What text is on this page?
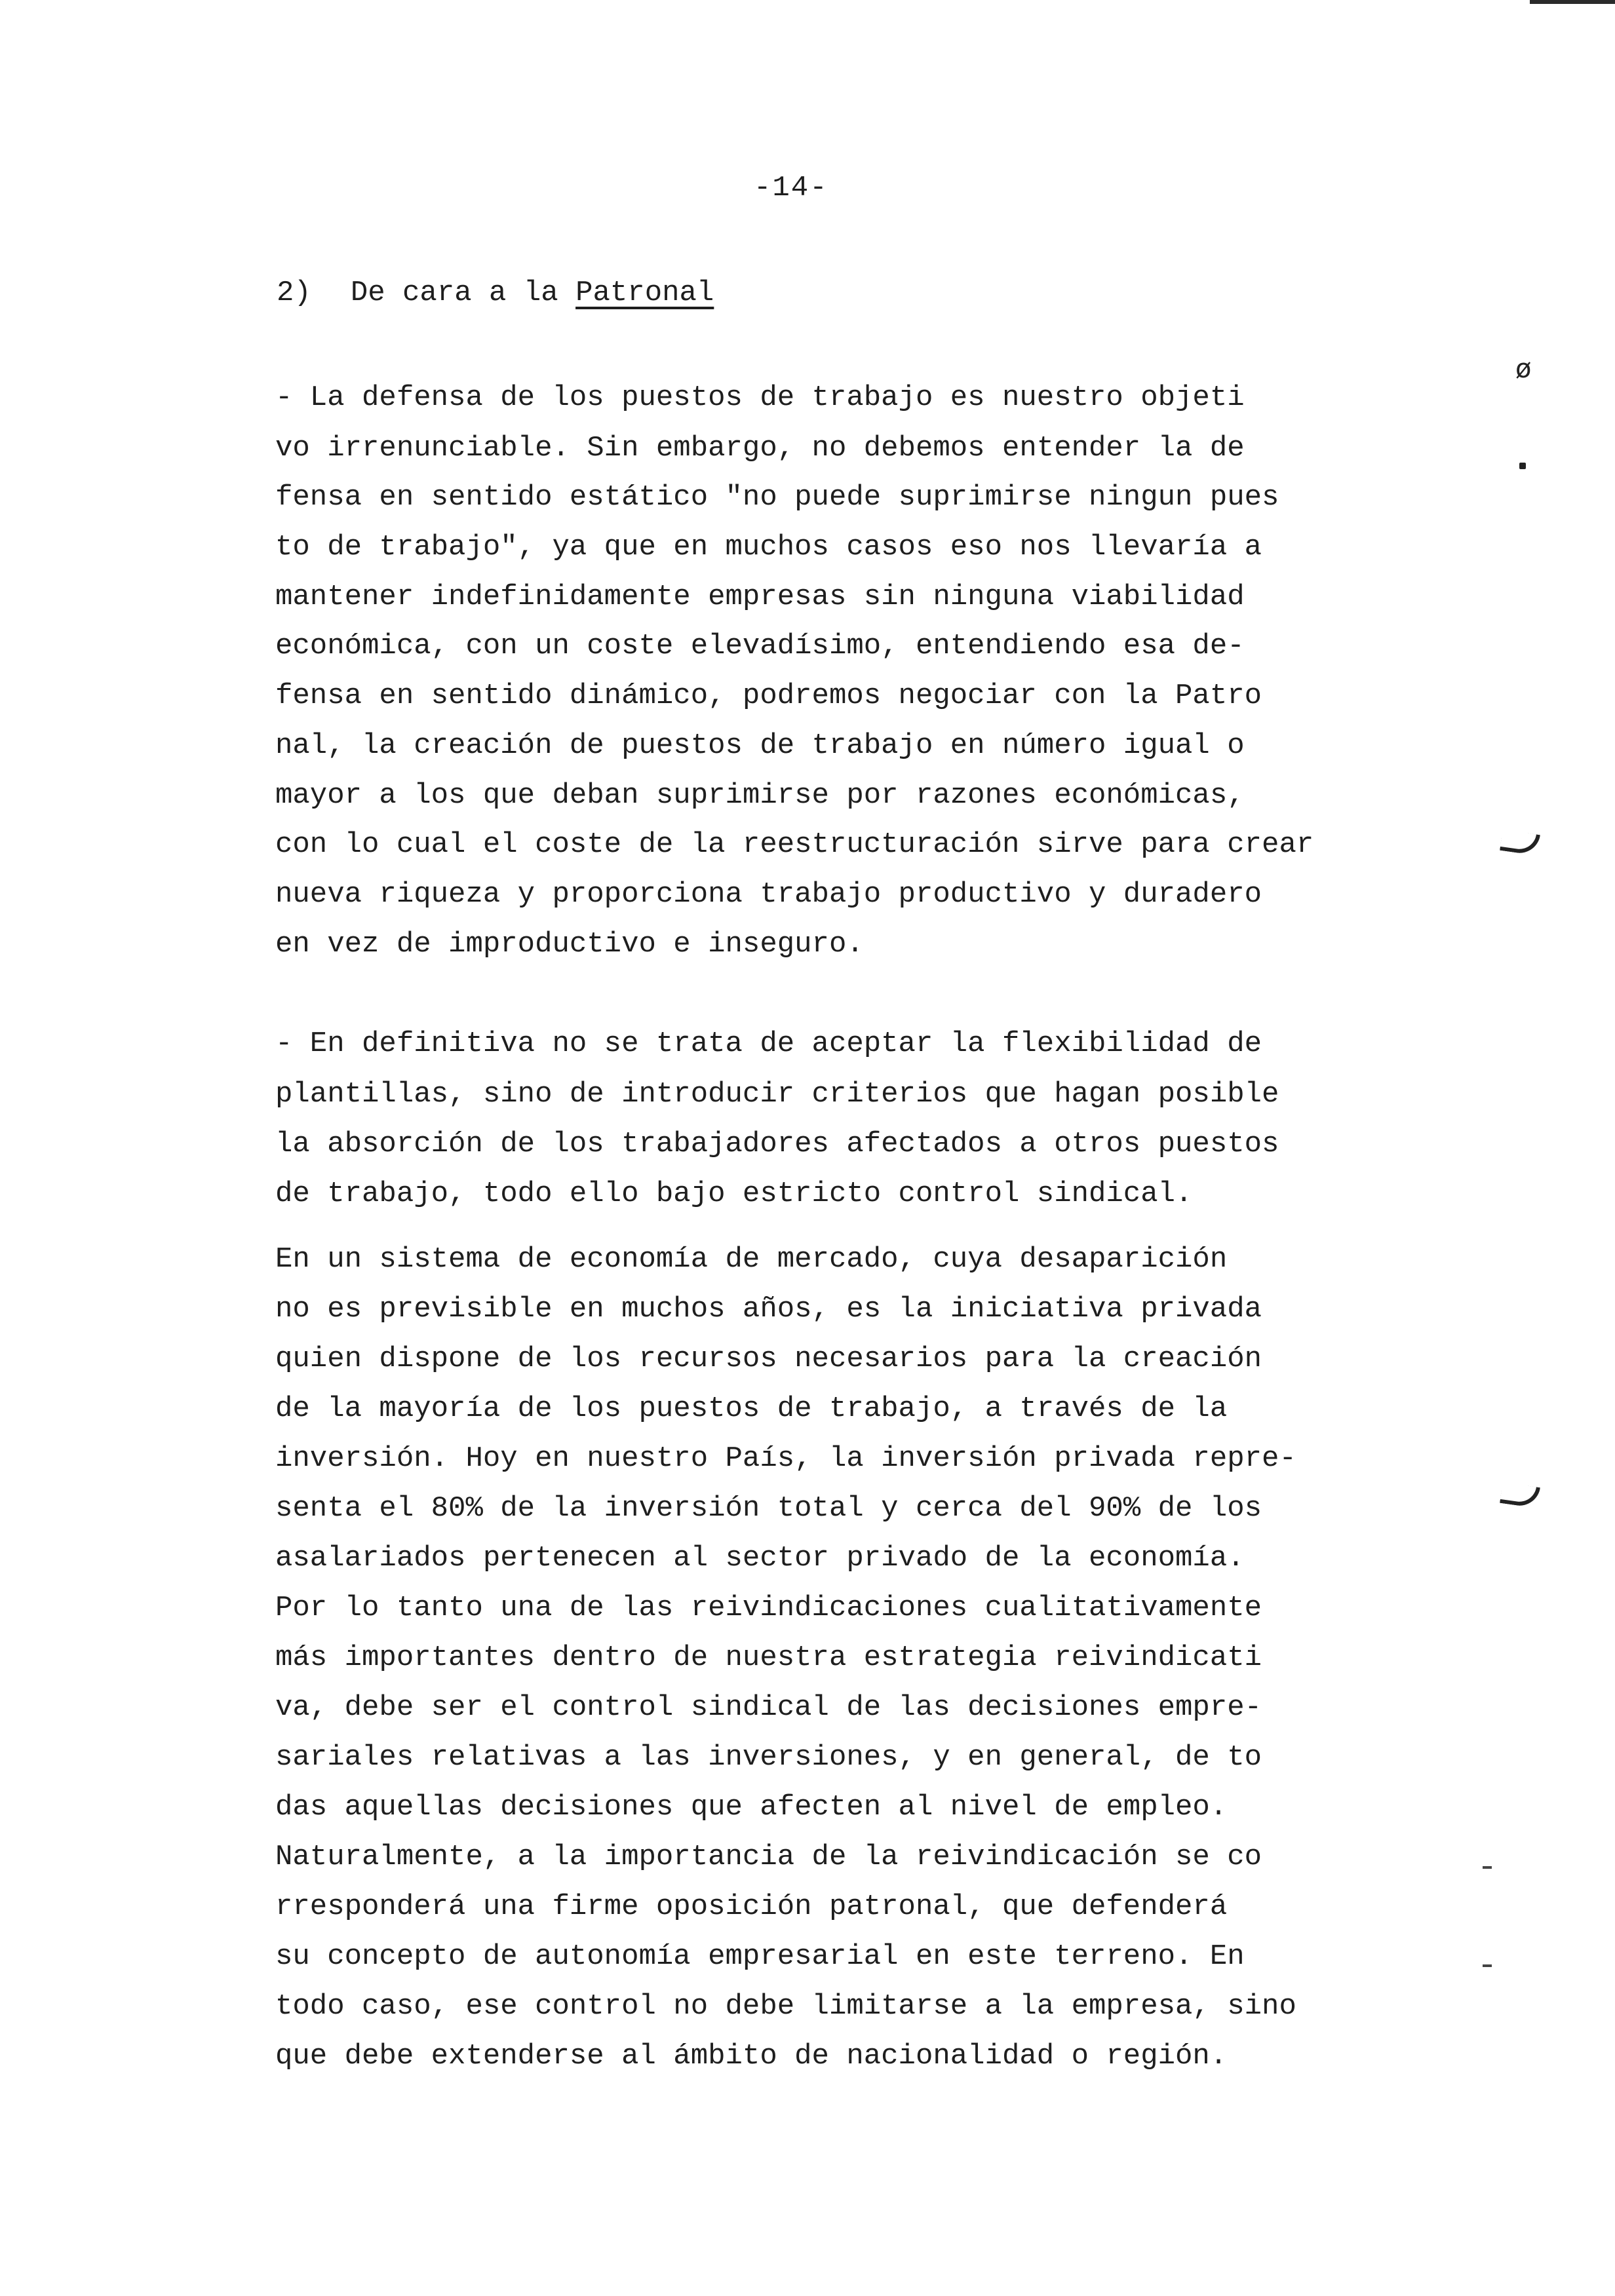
-14-
2) De cara a la Patronal
- La defensa de los puestos de trabajo es nuestro objeti
vo irrenunciable. Sin embargo, no debemos entender la de
fensa en sentido estático "no puede suprimirse ningun pues
to de trabajo", ya que en muchos casos eso nos llevaría a
mantener indefinidamente empresas sin ninguna viabilidad
económica, con un coste elevadísimo, entendiendo esa de-
fensa en sentido dinámico, podremos negociar con la Patro
nal, la creación de puestos de trabajo en número igual o
mayor a los que deban suprimirse por razones económicas,
con lo cual el coste de la reestructuración sirve para crear
nueva riqueza y proporciona trabajo productivo y duradero
en vez de improductivo e inseguro.
- En definitiva no se trata de aceptar la flexibilidad de
plantillas, sino de introducir criterios que hagan posible
la absorción de los trabajadores afectados a otros puestos
de trabajo, todo ello bajo estricto control sindical.
En un sistema de economía de mercado, cuya desaparición
no es previsible en muchos años, es la iniciativa privada
quien dispone de los recursos necesarios para la creación
de la mayoría de los puestos de trabajo, a través de la
inversión. Hoy en nuestro País, la inversión privada repre-
senta el 80% de la inversión total y cerca del 90% de los
asalariados pertenecen al sector privado de la economía.
Por lo tanto una de las reivindicaciones cualitativamente
más importantes dentro de nuestra estrategia reivindicati
va, debe ser el control sindical de las decisiones empre-
sariales relativas a las inversiones, y en general, de to
das aquellas decisiones que afecten al nivel de empleo.
Naturalmente, a la importancia de la reivindicación se co
rresponderá una firme oposición patronal, que defenderá
su concepto de autonomía empresarial en este terreno. En
todo caso, ese control no debe limitarse a la empresa, sino
que debe extenderse al ámbito de nacionalidad o región.
ø
